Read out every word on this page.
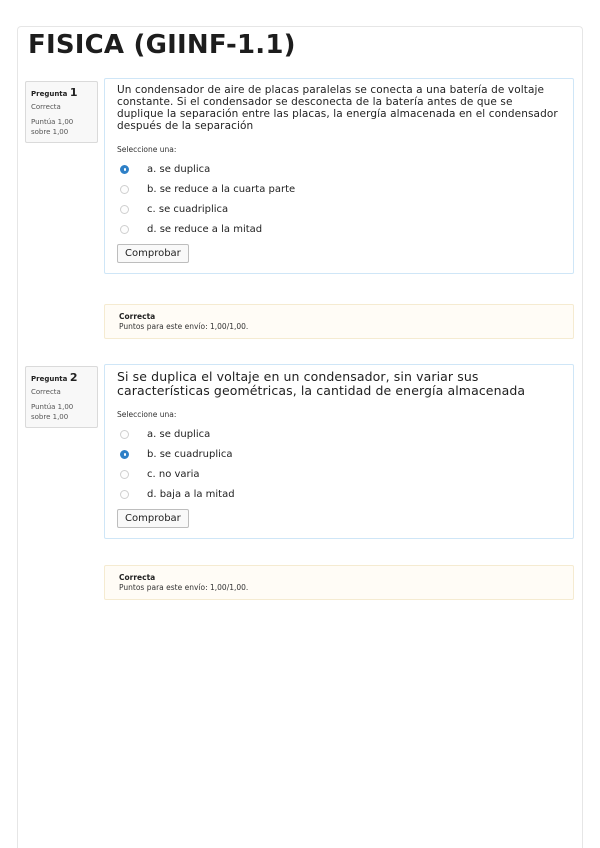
FISICA (GIINF-1.1)
Pregunta 1
Correcta
Puntúa 1,00
sobre 1,00
Un condensador de aire de placas paralelas se conecta a una batería de voltaje constante. Si el condensador se desconecta de la batería antes de que se duplique la separación entre las placas, la energía almacenada en el condensador después de la separación
Seleccione una:
a. se duplica
b. se reduce a la cuarta parte
c. se cuadriplica
d. se reduce a la mitad
Comprobar
Correcta
Puntos para este envío: 1,00/1,00.
Pregunta 2
Correcta
Puntúa 1,00
sobre 1,00
Si se duplica el voltaje en un condensador, sin variar sus características geométricas, la cantidad de energía almacenada
Seleccione una:
a. se duplica
b. se cuadruplica
c. no varia
d. baja a la mitad
Comprobar
Correcta
Puntos para este envío: 1,00/1,00.
